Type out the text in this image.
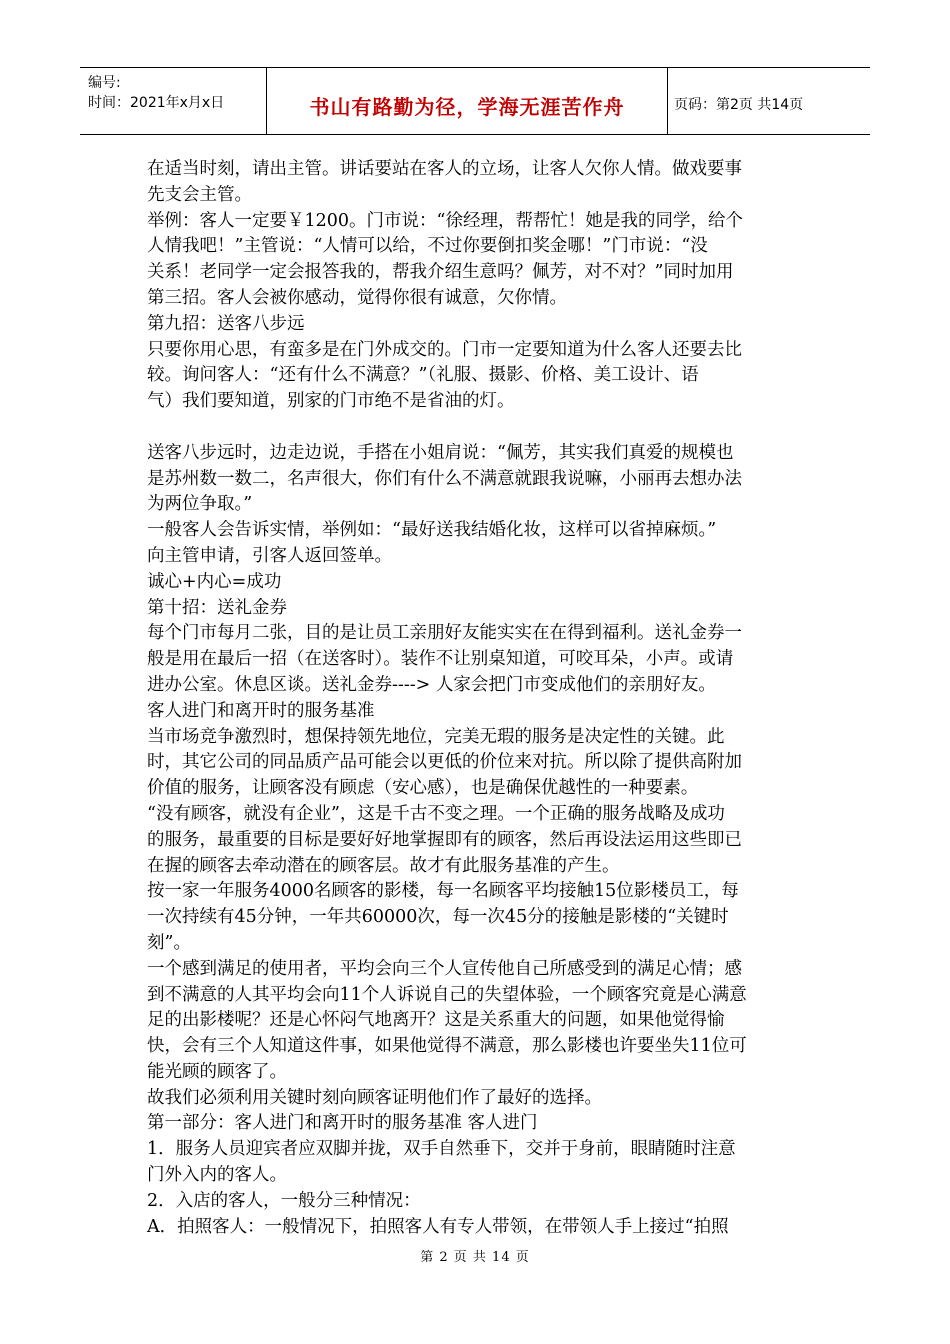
编号:
时间：2021年x月x日	书山有路勤为径，学海无涯苦作舟	页码：第2页 共14页
在适当时刻，请出主管。讲话要站在客人的立场，让客人欠你人情。做戏要事
先支会主管。
举例：客人一定要￥1200。门市说：“徐经理，帮帮忙！她是我的同学，给个
人情我吧！”主管说：“人情可以给，不过你要倒扣奖金哪！”门市说：“没
关系！老同学一定会报答我的，帮我介绍生意吗？佩芳，对不对？”同时加用
第三招。客人会被你感动，觉得你很有诚意，欠你情。
第九招：送客八步远
只要你用心思，有蛮多是在门外成交的。门市一定要知道为什么客人还要去比
较。询问客人：“还有什么不满意？”（礼服、摄影、价格、美工设计、语
气）我们要知道，别家的门市绝不是省油的灯。
送客八步远时，边走边说，手搭在小姐肩说：“佩芳，其实我们真爱的规模也
是苏州数一数二，名声很大，你们有什么不满意就跟我说嘛，小丽再去想办法
为两位争取。”
一般客人会告诉实情，举例如：“最好送我结婚化妆，这样可以省掉麻烦。”
向主管申请，引客人返回签单。
诚心+内心=成功
第十招：送礼金券
每个门市每月二张，目的是让员工亲朋好友能实实在在得到福利。送礼金券一
般是用在最后一招（在送客时）。装作不让别桌知道，可咬耳朵，小声。或请
进办公室。休息区谈。送礼金券----> 人家会把门市变成他们的亲朋好友。
客人进门和离开时的服务基准
当市场竞争激烈时，想保持领先地位，完美无瑕的服务是决定性的关键。此
时，其它公司的同品质产品可能会以更低的价位来对抗。所以除了提供高附加
价值的服务，让顾客没有顾虑（安心感），也是确保优越性的一种要素。
“没有顾客，就没有企业”，这是千古不变之理。一个正确的服务战略及成功
的服务，最重要的目标是要好好地掌握即有的顾客，然后再设法运用这些即已
在握的顾客去牵动潜在的顾客层。故才有此服务基准的产生。
按一家一年服务4000名顾客的影楼，每一名顾客平均接触15位影楼员工，每
一次持续有45分钟，一年共60000次，每一次45分的接触是影楼的“关键时
刻”。
一个感到满足的使用者，平均会向三个人宣传他自己所感受到的满足心情；感
到不满意的人其平均会向11个人诉说自己的失望体验，一个顾客究竟是心满意
足的出影楼呢？还是心怀闷气地离开？这是关系重大的问题，如果他觉得愉
快，会有三个人知道这件事，如果他觉得不满意，那么影楼也许要坐失11位可
能光顾的顾客了。
故我们必须利用关键时刻向顾客证明他们作了最好的选择。
第一部分：客人进门和离开时的服务基准 客人进门
1．服务人员迎宾者应双脚并拢，双手自然垂下，交并于身前，眼睛随时注意
门外入内的客人。
2．入店的客人，一般分三种情况：
A．拍照客人：一般情况下，拍照客人有专人带领，在带领人手上接过“拍照
第 2 页 共 14 页
